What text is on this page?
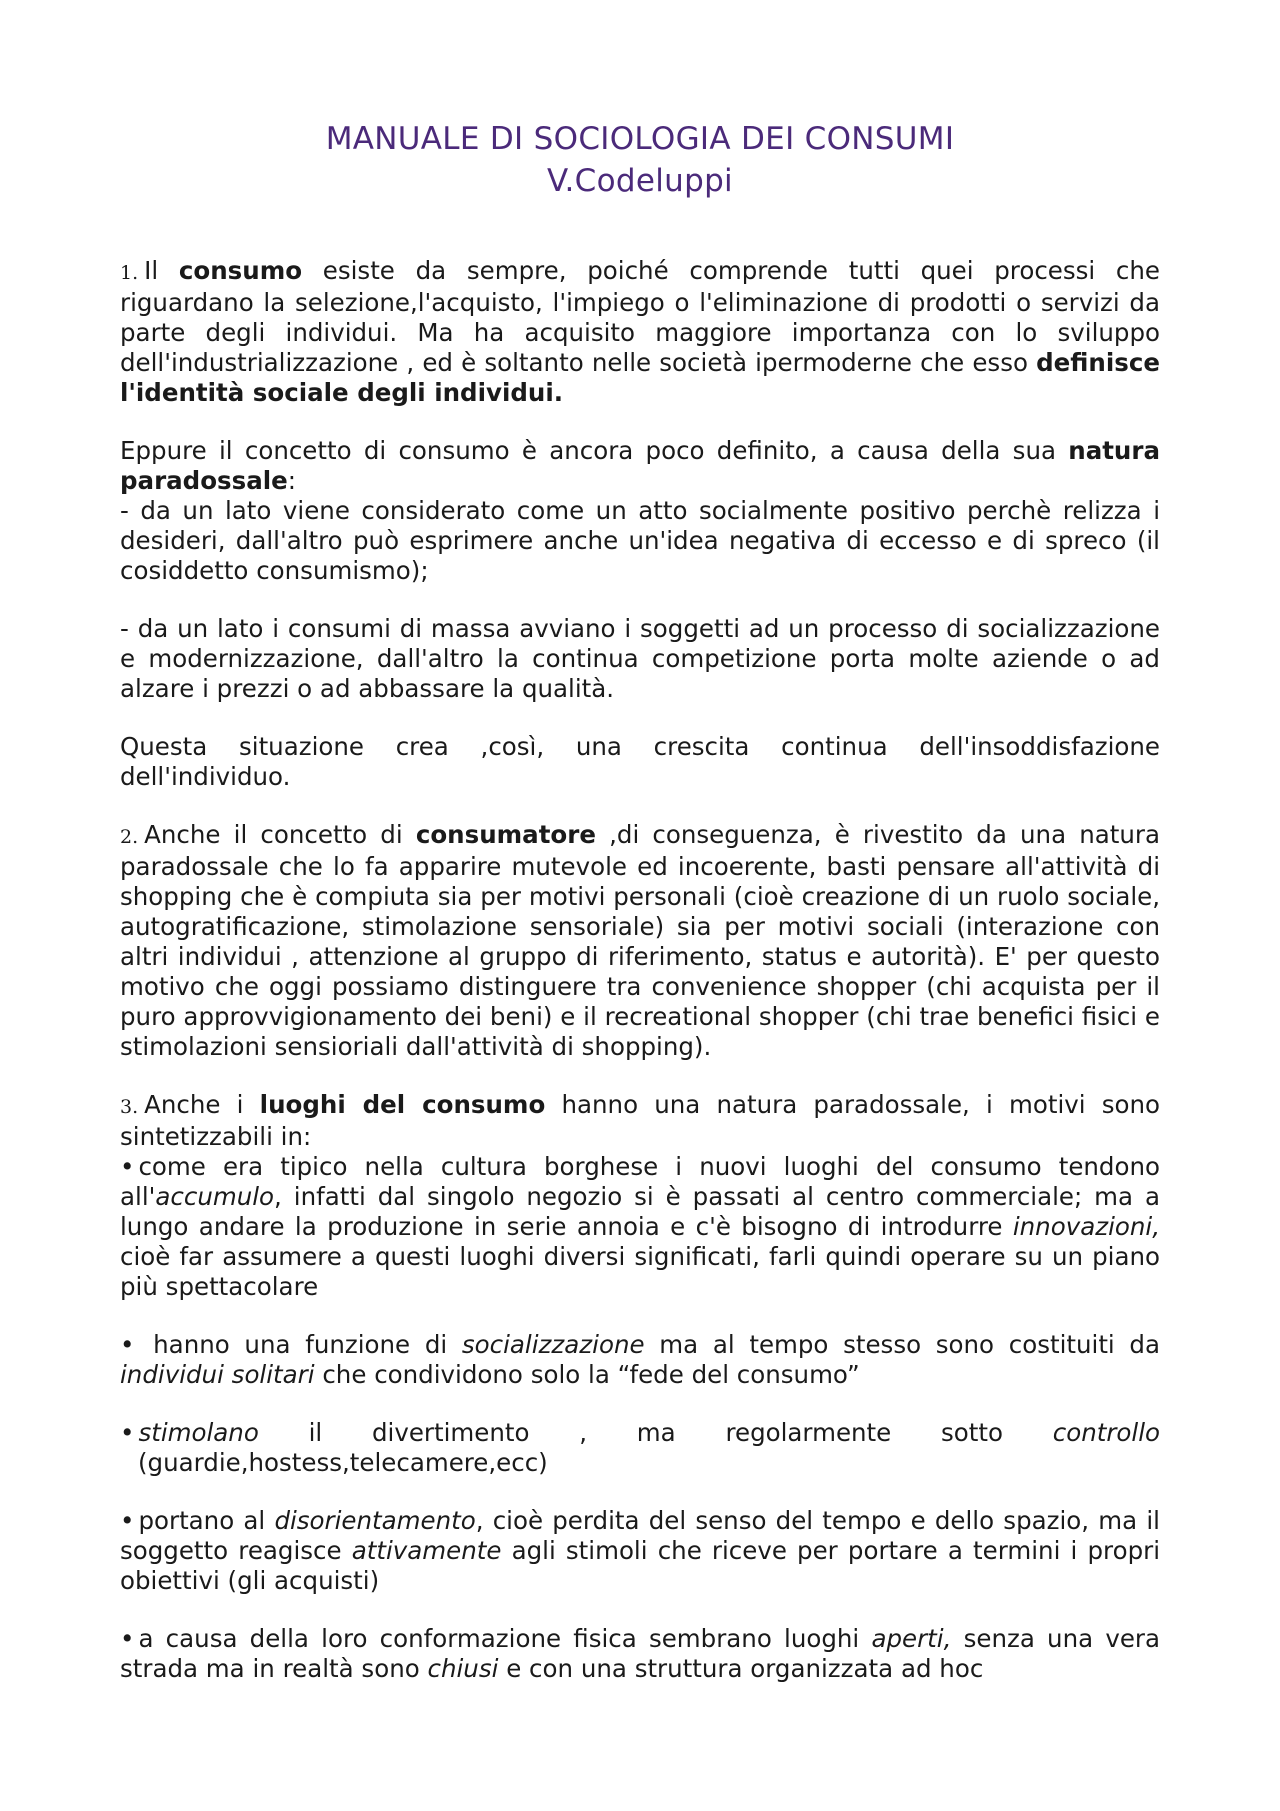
MANUALE DI SOCIOLOGIA DEI CONSUMI
V.Codeluppi

1. Il consumo esiste da sempre, poiché comprende tutti quei processi che riguardano la selezione,l'acquisto, l'impiego o l'eliminazione di prodotti o servizi da parte degli individui. Ma ha acquisito maggiore importanza con lo sviluppo dell'industrializzazione , ed è soltanto nelle società ipermoderne che esso definisce l'identità sociale degli individui.

Eppure il concetto di consumo è ancora poco definito, a causa della sua natura paradossale:

- da un lato viene considerato come un atto socialmente positivo perchè relizza i desideri, dall'altro può esprimere anche un'idea negativa di eccesso e di spreco (il cosiddetto consumismo);

- da un lato i consumi di massa avviano i soggetti ad un processo di socializzazione e modernizzazione, dall'altro la continua competizione porta molte aziende o ad alzare i prezzi o ad abbassare la qualità.

Questa situazione crea ,così, una crescita continua dell'insoddisfazione dell'individuo.

2. Anche il concetto di consumatore ,di conseguenza, è rivestito da una natura paradossale che lo fa apparire mutevole ed incoerente, basti pensare all'attività di shopping che è compiuta sia per motivi personali (cioè creazione di un ruolo sociale, autogratificazione, stimolazione sensoriale) sia per motivi sociali (interazione con altri individui , attenzione al gruppo di riferimento, status e autorità). E' per questo motivo che oggi possiamo distinguere tra convenience shopper (chi acquista per il puro approvvigionamento dei beni) e il recreational shopper (chi trae benefici fisici e stimolazioni sensioriali dall'attività di shopping).

3. Anche i luoghi del consumo hanno una natura paradossale, i motivi sono sintetizzabili in:

• come era tipico nella cultura borghese i nuovi luoghi del consumo tendono all'accumulo, infatti dal singolo negozio si è passati al centro commerciale; ma a lungo andare la produzione in serie annoia e c'è bisogno di introdurre innovazioni, cioè far assumere a questi luoghi diversi significati, farli quindi operare su un piano più spettacolare

• hanno una funzione di socializzazione ma al tempo stesso sono costituiti da individui solitari che condividono solo la “fede del consumo”

• stimolano il divertimento , ma regolarmente sotto controllo

(guardie,hostess,telecamere,ecc)

• portano al disorientamento, cioè perdita del senso del tempo e dello spazio, ma il soggetto reagisce attivamente agli stimoli che riceve per portare a termini i propri obiettivi (gli acquisti)

• a causa della loro conformazione fisica sembrano luoghi aperti, senza una vera strada ma in realtà sono chiusi e con una struttura organizzata ad hoc
